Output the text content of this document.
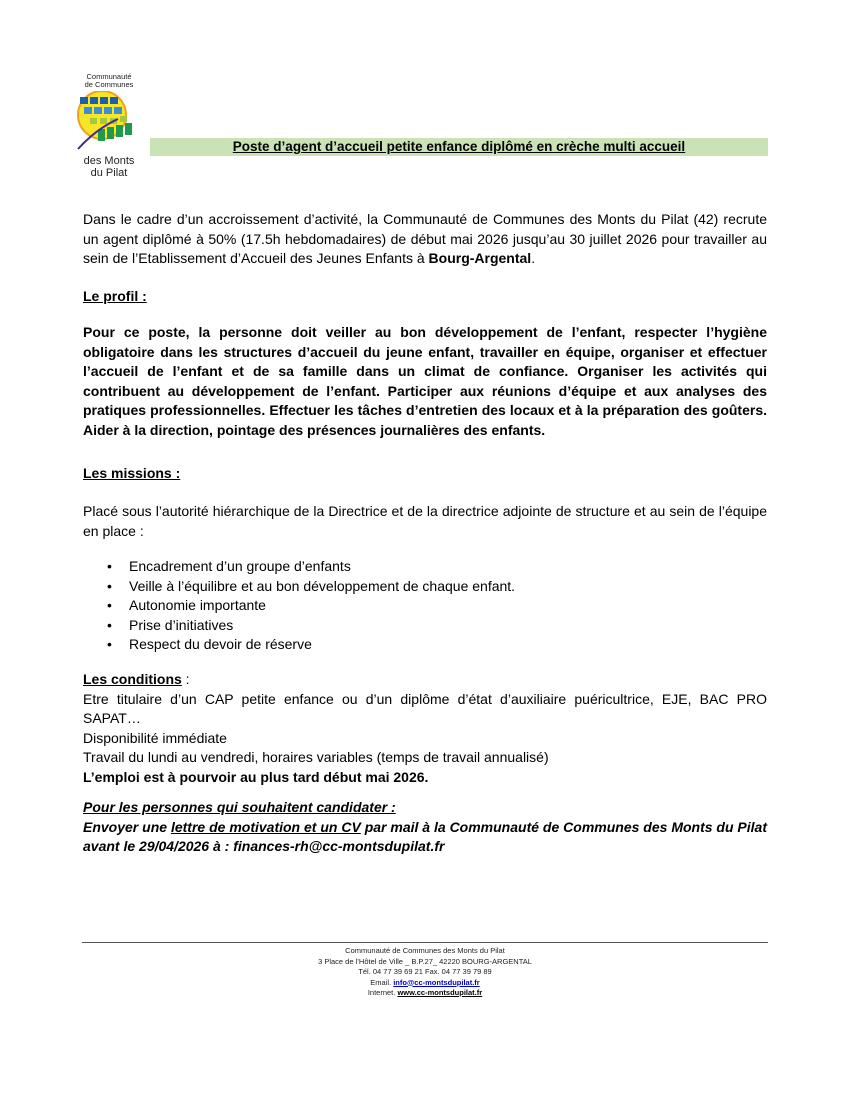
Communauté
de Communes
des Monts
du Pilat
Poste d’agent d’accueil petite enfance diplômé en crèche multi accueil

Dans le cadre d’un accroissement d’activité, la Communauté de Communes des Monts du Pilat (42) recrute un agent diplômé à 50% (17.5h hebdomadaires) de début mai 2026 jusqu’au 30 juillet 2026 pour travailler au sein de l’Etablissement d’Accueil des Jeunes Enfants à Bourg-Argental.

Le profil :

Pour ce poste, la personne doit veiller au bon développement de l’enfant, respecter l’hygiène obligatoire dans les structures d’accueil du jeune enfant, travailler en équipe, organiser et effectuer l’accueil de l’enfant et de sa famille dans un climat de confiance. Organiser les activités qui contribuent au développement de l’enfant. Participer aux réunions d’équipe et aux analyses des pratiques professionnelles. Effectuer les tâches d’entretien des locaux et à la préparation des goûters. Aider à la direction, pointage des présences journalières des enfants.

Les missions :

Placé sous l’autorité hiérarchique de la Directrice et de la directrice adjointe de structure et au sein de l’équipe en place :

• Encadrement d’un groupe d’enfants
• Veille à l’équilibre et au bon développement de chaque enfant.
• Autonomie importante
• Prise d’initiatives
• Respect du devoir de réserve

Les conditions :

Etre titulaire d’un CAP petite enfance ou d’un diplôme d’état d’auxiliaire puéricultrice, EJE, BAC PRO SAPAT…

Disponibilité immédiate

Travail du lundi au vendredi, horaires variables (temps de travail annualisé)

L’emploi est à pourvoir au plus tard début mai 2026.

Pour les personnes qui souhaitent candidater :

Envoyer une lettre de motivation et un CV par mail à la Communauté de Communes des Monts du Pilat avant le 29/04/2026 à : finances-rh@cc-montsdupilat.fr

Communauté de Communes des Monts du Pilat
3 Place de l’Hôtel de Ville _ B.P.27_ 42220 BOURG-ARGENTAL
Tél. 04 77 39 69 21 Fax. 04 77 39 79 89
Email. info@cc-montsdupilat.fr
Internet. www.cc-montsdupilat.fr
